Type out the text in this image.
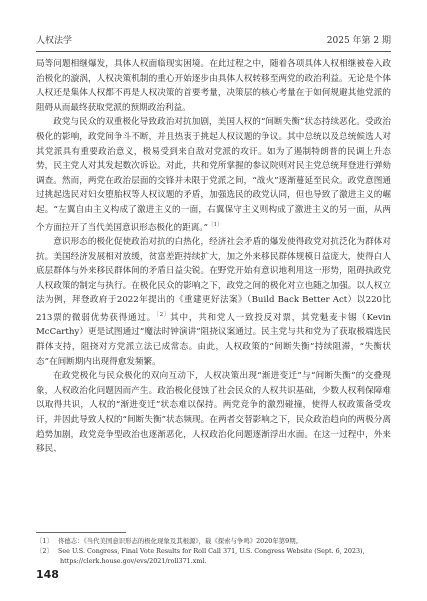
人权法学	2025 年第 2 期

局等问题相继爆发，具体人权面临现实困境。在此过程之中，随着各项具体人权相继被卷入政治极化的漩涡，人权决策机制的重心开始逐步由具体人权转移至两党的政治利益。无论是个体人权还是集体人权都不再是人权决策的首要考量，决策层的核心考量在于如何规避其他党派的阻碍从而最终获取党派的预期政治利益。

政党与民众的双重极化导致政治对抗加剧，美国人权的“间断失衡”状态持续恶化。受政治极化的影响，政党间争斗不断，并且热衷于挑起人权议题的争议。其中总统以及总统候选人对其党派具有重要政治意义，极易受到来自敌对党派的攻讦。如为了遏制特朗普的民调上升态势，民主党人对其发起数次诉讼。对此，共和党所掌握的参议院则对民主党总统拜登进行弹劾调查。然而，两党在政治层面的交锋并未限于党派之间，“战火”逐渐蔓延至民众。政党意图通过挑起选民对妇女堕胎权等人权议题的矛盾，加强选民的政党认同，但也导致了激进主义的崛起。“左翼自由主义构成了激进主义的一面，右翼保守主义则构成了激进主义的另一面，从两个方面拉开了当代美国意识形态极化的距离。”$^{〔1〕}$

意识形态的极化促使政治对抗的白热化，经济社会矛盾的爆发使得政党对抗泛化为群体对抗。美国经济发展相对放缓，贫富差距持续扩大，加之外来移民群体规模日益庞大，使得白人底层群体与外来移民群体间的矛盾日益尖锐。在野党开始有意识地利用这一形势，阻碍执政党人权政策的制定与执行。在极化民众的影响之下，政党之间的极化对立也随之加强。以人权立法为例，拜登政府于2022年提出的《重建更好法案》（Build Back Better Act）以220比213票的微弱优势获得通过。$^{〔2〕}$其中，共和党人一致投反对票，其党魁麦卡锡（Kevin McCarthy）更是试图通过“魔法时钟演讲”阻挠议案通过。民主党与共和党为了获取极端选民群体支持，阻挠对方党派立法已成常态。由此，人权政策的“间断失衡”持续阻滞，“失衡状态”在间断期内出现得愈发频繁。

在政党极化与民众极化的双向互动下，人权决策出现“渐进变迁”与“间断失衡”的交叠现象，人权政治化问题因而产生。政治极化侵蚀了社会民众的人权共识基础，少数人权利保障难以取得共识，人权的“渐进变迁”状态难以保持。两党竞争的激烈碰撞，使得人权政策备受攻讦，并因此导致人权的“间断失衡”状态频现。在两者交替影响之下，民众政治趋向的两极分离趋势加剧，政党竞争型政治也逐渐恶化，人权政治化问题逐渐浮出水面。在这一过程中，外来移民、

〔1〕 佟德志：《当代美国意识形态的极化现象及其根源》，载《探索与争鸣》2020年第9期。
〔2〕 See U.S. Congress, Final Vote Results for Roll Call 371, U.S. Congress Website (Sept. 6, 2023), https://clerk.house.gov/evs/2021/roll371.xml.
148
